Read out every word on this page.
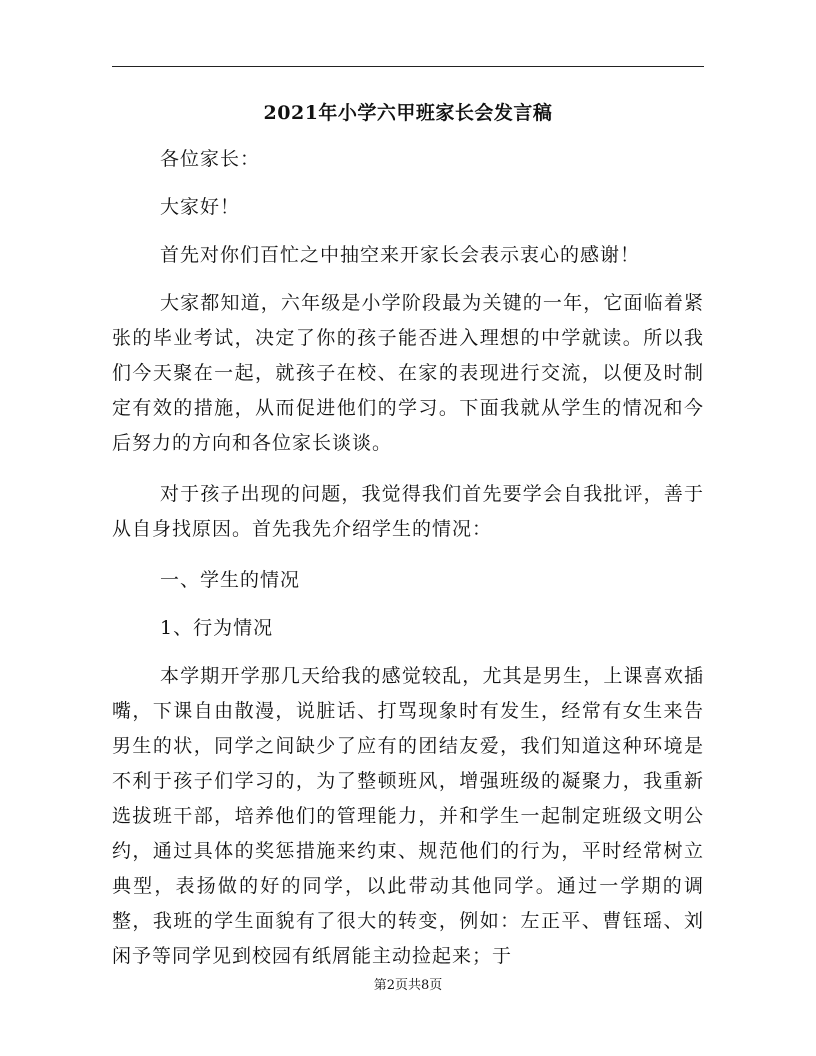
2021年小学六甲班家长会发言稿

各位家长：

大家好！

首先对你们百忙之中抽空来开家长会表示衷心的感谢！

大家都知道，六年级是小学阶段最为关键的一年，它面临着紧张的毕业考试，决定了你的孩子能否进入理想的中学就读。所以我们今天聚在一起，就孩子在校、在家的表现进行交流，以便及时制定有效的措施，从而促进他们的学习。下面我就从学生的情况和今后努力的方向和各位家长谈谈。

对于孩子出现的问题，我觉得我们首先要学会自我批评，善于从自身找原因。首先我先介绍学生的情况：

一、学生的情况

1、行为情况

本学期开学那几天给我的感觉较乱，尤其是男生，上课喜欢插嘴，下课自由散漫，说脏话、打骂现象时有发生，经常有女生来告男生的状，同学之间缺少了应有的团结友爱，我们知道这种环境是不利于孩子们学习的，为了整顿班风，增强班级的凝聚力，我重新选拔班干部，培养他们的管理能力，并和学生一起制定班级文明公约，通过具体的奖惩措施来约束、规范他们的行为，平时经常树立典型，表扬做的好的同学，以此带动其他同学。通过一学期的调整，我班的学生面貌有了很大的转变，例如：左正平、曹钰瑶、刘闲予等同学见到校园有纸屑能主动捡起来；于

第2页共8页
